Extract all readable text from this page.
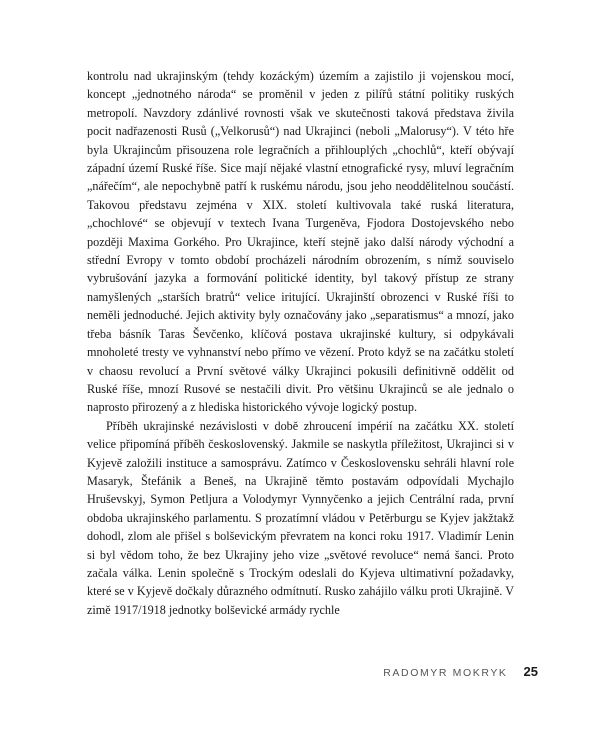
kontrolu nad ukrajinským (tehdy kozáckým) územím a zajistilo ji vojenskou mocí, koncept „jednotného národa“ se proměnil v jeden z pilířů státní politiky ruských metropolí. Navzdory zdánlivé rovnosti však ve skutečnosti taková představa živila pocit nadřazenosti Rusů („Velkorusů“) nad Ukrajinci (neboli „Malorusy“). V této hře byla Ukrajincům přisouzena role legračních a přihlouplých „chochlů“, kteří obývají západní území Ruské říše. Sice mají nějaké vlastní etnografické rysy, mluví legračním „nářečím“, ale nepochybně patří k ruskému národu, jsou jeho neoddělitelnou součástí. Takovou představu zejména v XIX. století kultivovala také ruská literatura, „chochlové“ se objevují v textech Ivana Turgeněva, Fjodora Dostojevského nebo později Maxima Gorkého. Pro Ukrajince, kteří stejně jako další národy východní a střední Evropy v tomto období procházeli národním obrozením, s nímž souviselo vybrušování jazyka a formování politické identity, byl takový přístup ze strany namyšlených „starších bratrů“ velice iritující. Ukrajinští obrozenci v Ruské říši to neměli jednoduché. Jejich aktivity byly označovány jako „separatismus“ a mnozí, jako třeba básník Taras Ševčenko, klíčová postava ukrajinské kultury, si odpykávali mnoholeté tresty ve vyhnanství nebo přímo ve vězení. Proto když se na začátku století v chaosu revolucí a První světové války Ukrajinci pokusili definitivně oddělit od Ruské říše, mnozí Rusové se nestačili divit. Pro většinu Ukrajinců se ale jednalo o naprosto přirozený a z hlediska historického vývoje logický postup.

Příběh ukrajinské nezávislosti v době zhroucení impérií na začátku XX. století velice připomíná příběh československý. Jakmile se naskytla příležitost, Ukrajinci si v Kyjevě založili instituce a samosprávu. Zatímco v Československu sehráli hlavní role Masaryk, Štefánik a Beneš, na Ukrajině těmto postavám odpovídali Mychajlo Hruševskyj, Symon Petljura a Volodymyr Vynnyčenko a jejich Centrální rada, první obdoba ukrajinského parlamentu. S prozatímní vládou v Petěrburgu se Kyjev jakžtakž dohodl, zlom ale přišel s bolševickým převratem na konci roku 1917. Vladimír Lenin si byl vědom toho, že bez Ukrajiny jeho vize „světové revoluce“ nemá šanci. Proto začala válka. Lenin společně s Trockým odeslali do Kyjeva ultimativní požadavky, které se v Kyjevě dočkaly důrazného odmítnutí. Rusko zahájilo válku proti Ukrajině. V zimě 1917/1918 jednotky bolševické armády rychle

RADOMYR MOKRYK 25
